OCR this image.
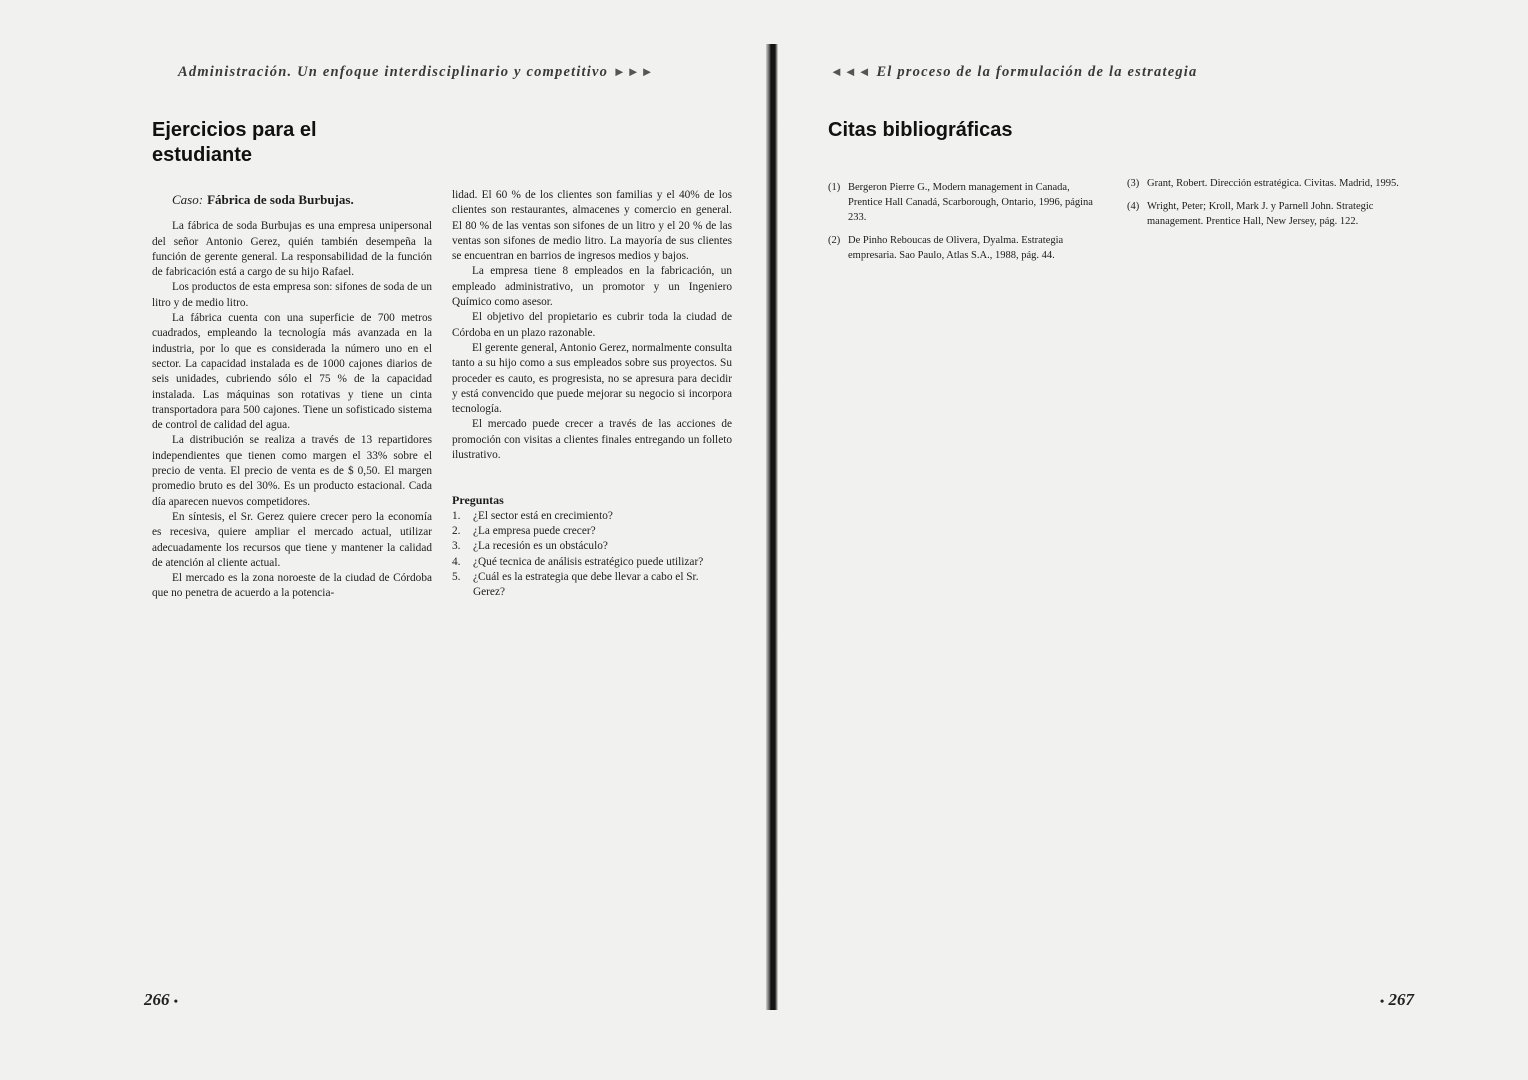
Administración. Un enfoque interdisciplinario y competitivo ►►►
Ejercicios para el estudiante
Caso: Fábrica de soda Burbujas.

La fábrica de soda Burbujas es una empresa unipersonal del señor Antonio Gerez, quién también desempeña la función de gerente general. La responsabilidad de la función de fabricación está a cargo de su hijo Rafael.

Los productos de esta empresa son: sifones de soda de un litro y de medio litro.

La fábrica cuenta con una superficie de 700 metros cuadrados, empleando la tecnología más avanzada en la industria, por lo que es considerada la número uno en el sector. La capacidad instalada es de 1000 cajones diarios de seis unidades, cubriendo sólo el 75 % de la capacidad instalada. Las máquinas son rotativas y tiene un cinta transportadora para 500 cajones. Tiene un sofisticado sistema de control de calidad del agua.

La distribución se realiza a través de 13 repartidores independientes que tienen como margen el 33% sobre el precio de venta. El precio de venta es de $ 0,50. El margen promedio bruto es del 30%. Es un producto estacional. Cada día aparecen nuevos competidores.

En síntesis, el Sr. Gerez quiere crecer pero la economía es recesiva, quiere ampliar el mercado actual, utilizar adecuadamente los recursos que tiene y mantener la calidad de atención al cliente actual.

El mercado es la zona noroeste de la ciudad de Córdoba que no penetra de acuerdo a la potencia-

lidad. El 60 % de los clientes son familias y el 40% de los clientes son restaurantes, almacenes y comercio en general. El 80 % de las ventas son sifones de un litro y el 20 % de las ventas son sifones de medio litro. La mayoría de sus clientes se encuentran en barrios de ingresos medios y bajos.

La empresa tiene 8 empleados en la fabricación, un empleado administrativo, un promotor y un Ingeniero Químico como asesor.

El objetivo del propietario es cubrir toda la ciudad de Córdoba en un plazo razonable.

El gerente general, Antonio Gerez, normalmente consulta tanto a su hijo como a sus empleados sobre sus proyectos. Su proceder es cauto, es progresista, no se apresura para decidir y está convencido que puede mejorar su negocio si incorpora tecnología.

El mercado puede crecer a través de las acciones de promoción con visitas a clientes finales entregando un folleto ilustrativo.

Preguntas
1.	¿El sector está en crecimiento?
2.	¿La empresa puede crecer?
3.	¿La recesión es un obstáculo?
4.	¿Qué tecnica de análisis estratégico puede utilizar?
5.	¿Cuál es la estrategia que debe llevar a cabo el Sr. Gerez?
266 •
◄◄◄ El proceso de la formulación de la estrategia
Citas bibliográficas
(1) Bergeron Pierre G., Modern management in Canada, Prentice Hall Canadá, Scarborough, Ontario, 1996, página 233.
(2) De Pinho Reboucas de Olivera, Dyalma. Estrategia empresaria. Sao Paulo, Atlas S.A., 1988, pág. 44.
(3) Grant, Robert. Dirección estratégica. Civitas. Madrid, 1995.
(4) Wright, Peter; Kroll, Mark J. y Parnell John. Strategic management. Prentice Hall, New Jersey, pág. 122.
• 267
